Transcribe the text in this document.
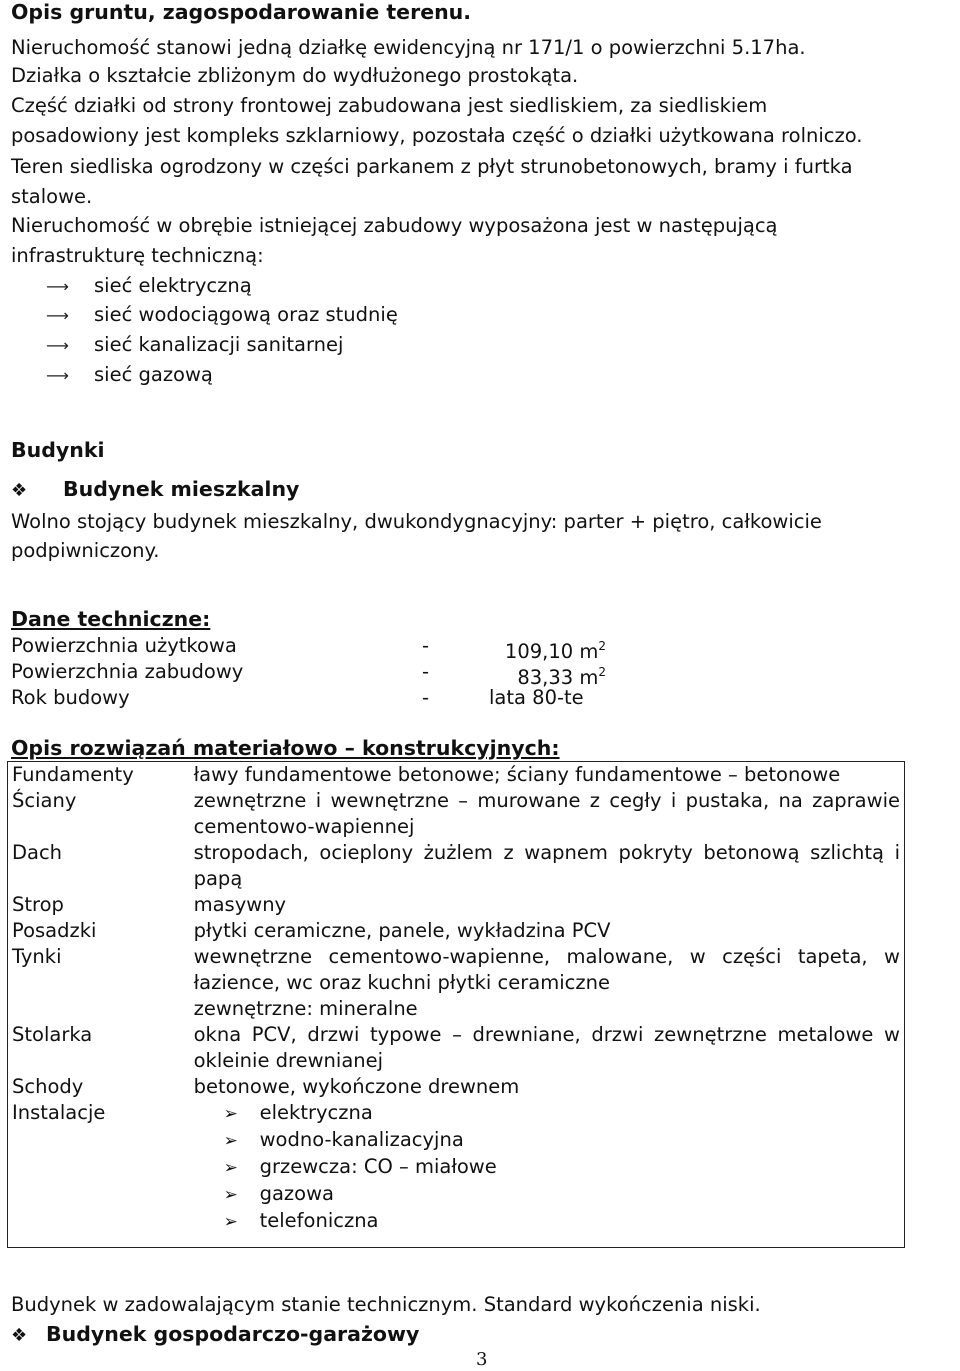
Opis gruntu, zagospodarowanie terenu.
Nieruchomość stanowi jedną działkę ewidencyjną nr 171/1 o powierzchni 5.17ha.
Działka o kształcie zbliżonym do wydłużonego prostokąta.
Część działki od strony frontowej zabudowana jest siedliskiem, za siedliskiem
posadowiony jest kompleks szklarniowy, pozostała część o działki użytkowana rolniczo.
Teren siedliska ogrodzony w części parkanem z płyt strunobetonowych, bramy i furtka
stalowe.
Nieruchomość w obrębie istniejącej zabudowy wyposażona jest w następującą
infrastrukturę techniczną:
⟶ sieć elektryczną
⟶ sieć wodociągową oraz studnię
⟶ sieć kanalizacji sanitarnej
⟶ sieć gazową
Budynki
❖ Budynek mieszkalny
Wolno stojący budynek mieszkalny, dwukondygnacyjny: parter + piętro, całkowicie
podpiwniczony.
Dane techniczne:
Powierzchnia użytkowa	-	109,10 $m^2$
Powierzchnia zabudowy	-	83,33 $m^2$
Rok budowy	-	lata 80-te
Opis rozwiązań materiałowo – konstrukcyjnych:
Fundamenty	ławy fundamentowe betonowe; ściany fundamentowe – betonowe
Ściany	zewnętrzne i wewnętrzne – murowane z cegły i pustaka, na zaprawie cementowo-wapiennej
Dach	stropodach, ocieplony żużlem z wapnem pokryty betonową szlichtą i papą
Strop	masywny
Posadzki	płytki ceramiczne, panele, wykładzina PCV
Tynki	wewnętrzne cementowo-wapienne, malowane, w części tapeta, w łazience, wc oraz kuchni płytki ceramiczne
zewnętrzne: mineralne

Stolarka	okna PCV, drzwi typowe – drewniane, drzwi zewnętrzne metalowe w okleinie drewnianej
Schody	betonowe, wykończone drewnem
Instalacje	➢ elektryczna
➢ wodno-kanalizacyjna
➢ grzewcza: CO – miałowe
➢ gazowa
➢ telefoniczna
Budynek w zadowalającym stanie technicznym. Standard wykończenia niski.
❖ Budynek gospodarczo-garażowy
3
